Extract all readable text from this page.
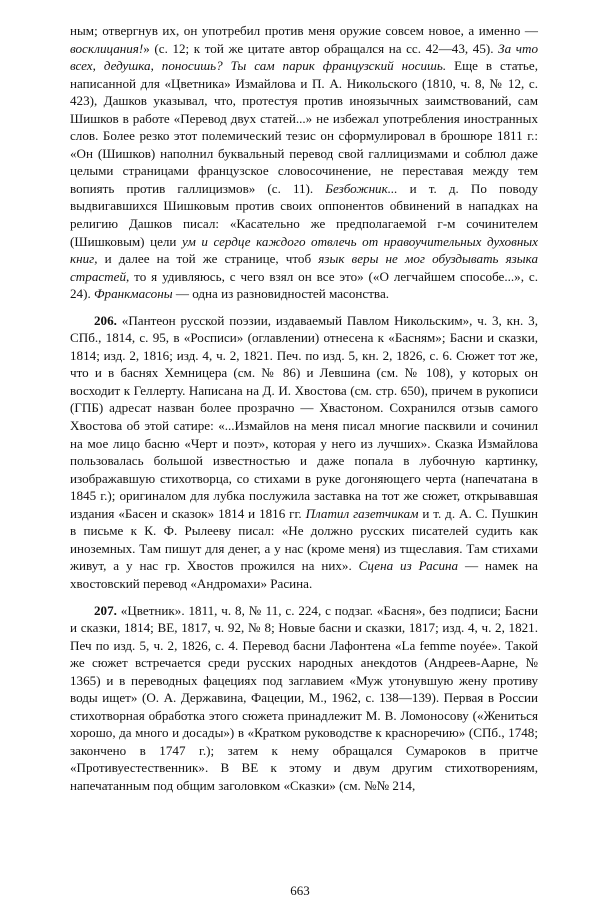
ным; отвергнув их, он употребил против меня оружие совсем новое, а именно — восклицания!» (с. 12; к той же цитате автор обращался на сс. 42—43, 45). За что всех, дедушка, поносишь? Ты сам парик французский носишь. Еще в статье, написанной для «Цветника» Измайлова и П. А. Никольского (1810, ч. 8, № 12, с. 423), Дашков указывал, что, протестуя против иноязычных заимствований, сам Шишков в работе «Перевод двух статей...» не избежал употребления иностранных слов. Более резко этот полемический тезис он сформулировал в брошюре 1811 г.: «Он (Шишков) наполнил буквальный перевод свой галлицизмами и соблюл даже целыми страницами французское словосочинение, не переставая между тем вопиять против галлицизмов» (с. 11). Безбожник... и т. д. По поводу выдвигавшихся Шишковым против своих оппонентов обвинений в нападках на религию Дашков писал: «Касательно же предполагаемой г-м сочинителем (Шишковым) цели ум и сердце каждого отвлечь от нравоучительных духовных книг, и далее на той же странице, чтоб язык веры не мог обуздывать языка страстей, то я удивляюсь, с чего взял он все это» («О легчайшем способе...», с. 24). Франкмасоны — одна из разновидностей масонства.

206. «Пантеон русской поэзии, издаваемый Павлом Никольским», ч. 3, кн. 3, СПб., 1814, с. 95, в «Росписи» (оглавлении) отнесена к «Басням»; Басни и сказки, 1814; изд. 2, 1816; изд. 4, ч. 2, 1821. Печ. по изд. 5, кн. 2, 1826, с. 6. Сюжет тот же, что и в баснях Хемницера (см. № 86) и Левшина (см. № 108), у которых он восходит к Геллерту. Написана на Д. И. Хвостова (см. стр. 650), причем в рукописи (ГПБ) адресат назван более прозрачно — Хвастоном. Сохранился отзыв самого Хвостова об этой сатире: «...Измайлов на меня писал многие пасквили и сочинил на мое лицо басню «Черт и поэт», которая у него из лучших». Сказка Измайлова пользовалась большой известностью и даже попала в лубочную картинку, изображавшую стихотворца, со стихами в руке догоняющего черта (напечатана в 1845 г.); оригиналом для лубка послужила заставка на тот же сюжет, открывавшая издания «Басен и сказок» 1814 и 1816 гг. Платил газетчикам и т. д. А. С. Пушкин в письме к К. Ф. Рылееву писал: «Не должно русских писателей судить как иноземных. Там пишут для денег, а у нас (кроме меня) из тщеславия. Там стихами живут, а у нас гр. Хвостов прожился на них». Сцена из Расина — намек на хвостовский перевод «Андромахи» Расина.

207. «Цветник». 1811, ч. 8, № 11, с. 224, с подзаг. «Басня», без подписи; Басни и сказки, 1814; ВЕ, 1817, ч. 92, № 8; Новые басни и сказки, 1817; изд. 4, ч. 2, 1821. Печ по изд. 5, ч. 2, 1826, с. 4. Перевод басни Лафонтена «La femme noyée». Такой же сюжет встречается среди русских народных анекдотов (Андреев-Аарне, № 1365) и в переводных фацециях под заглавием «Муж утонувшую жену противу воды ищет» (О. А. Державина, Фацеции, М., 1962, с. 138—139). Первая в России стихотворная обработка этого сюжета принадлежит М. В. Ломоносову («Жениться хорошо, да много и досады») в «Кратком руководстве к красноречию» (СПб., 1748; закончено в 1747 г.); затем к нему обращался Сумароков в притче «Противуестественник». В ВЕ к этому и двум другим стихотворениям, напечатанным под общим заголовком «Сказки» (см. №№ 214,

663
